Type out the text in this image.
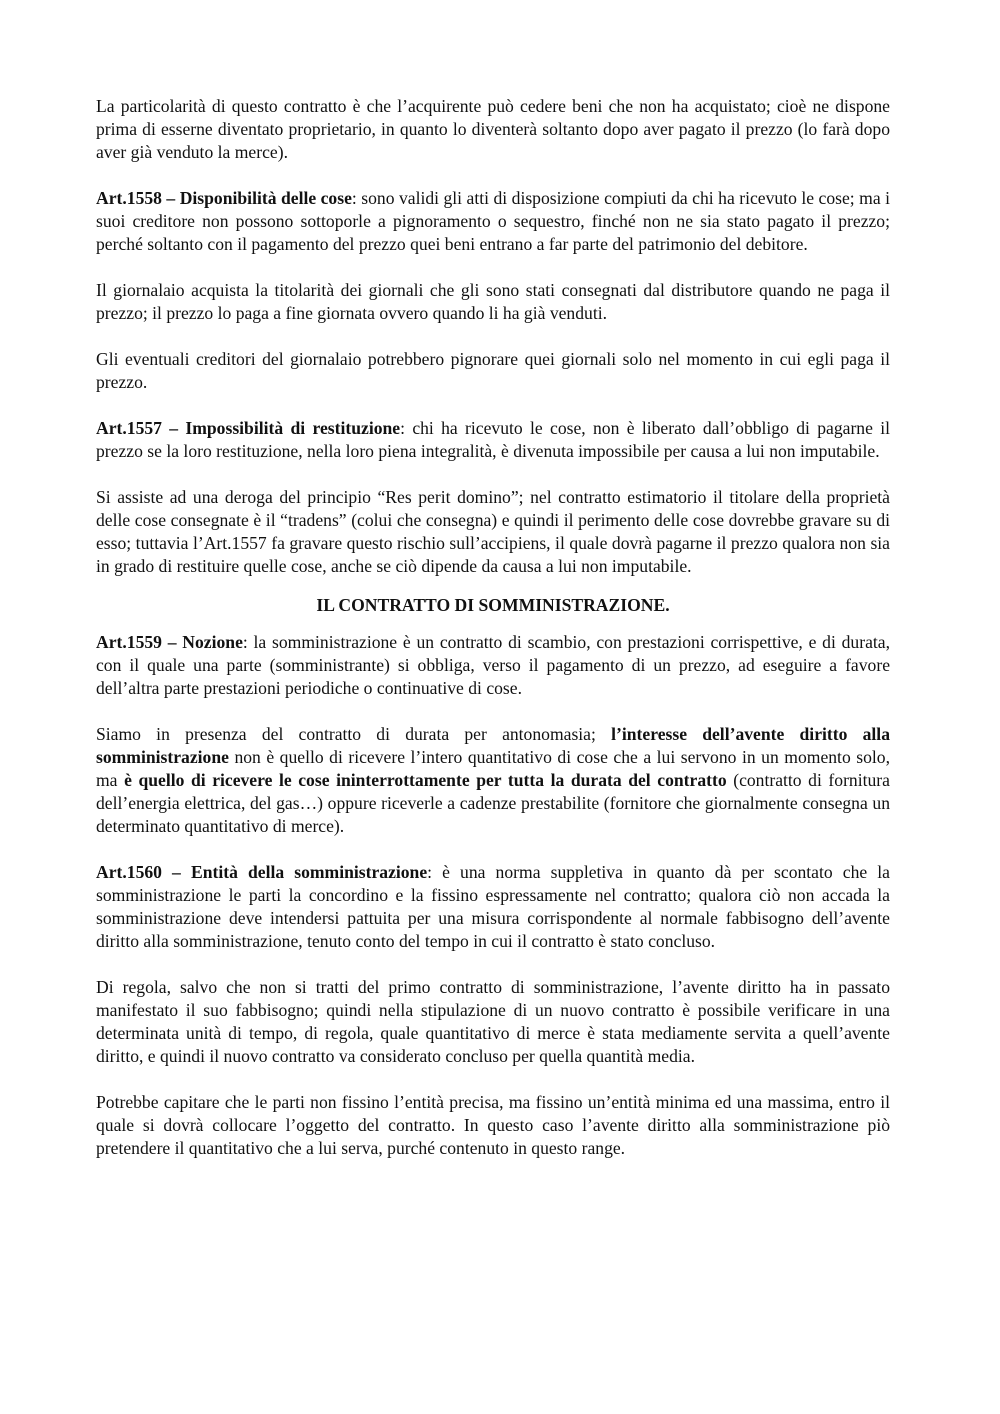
La particolarità di questo contratto è che l’acquirente può cedere beni che non ha acquistato; cioè ne dispone prima di esserne diventato proprietario, in quanto lo diventerà soltanto dopo aver pagato il prezzo (lo farà dopo aver già venduto la merce).

Art.1558 – Disponibilità delle cose: sono validi gli atti di disposizione compiuti da chi ha ricevuto le cose; ma i suoi creditore non possono sottoporle a pignoramento o sequestro, finché non ne sia stato pagato il prezzo; perché soltanto con il pagamento del prezzo quei beni entrano a far parte del patrimonio del debitore.

Il giornalaio acquista la titolarità dei giornali che gli sono stati consegnati dal distributore quando ne paga il prezzo; il prezzo lo paga a fine giornata ovvero quando li ha già venduti.

Gli eventuali creditori del giornalaio potrebbero pignorare quei giornali solo nel momento in cui egli paga il prezzo.

Art.1557 – Impossibilità di restituzione: chi ha ricevuto le cose, non è liberato dall’obbligo di pagarne il prezzo se la loro restituzione, nella loro piena integralità, è divenuta impossibile per causa a lui non imputabile.

Si assiste ad una deroga del principio “Res perit domino”; nel contratto estimatorio il titolare della proprietà delle cose consegnate è il “tradens” (colui che consegna) e quindi il perimento delle cose dovrebbe gravare su di esso; tuttavia l’Art.1557 fa gravare questo rischio sull’accipiens, il quale dovrà pagarne il prezzo qualora non sia in grado di restituire quelle cose, anche se ciò dipende da causa a lui non imputabile.

IL CONTRATTO DI SOMMINISTRAZIONE.

Art.1559 – Nozione: la somministrazione è un contratto di scambio, con prestazioni corrispettive, e di durata, con il quale una parte (somministrante) si obbliga, verso il pagamento di un prezzo, ad eseguire a favore dell’altra parte prestazioni periodiche o continuative di cose.

Siamo in presenza del contratto di durata per antonomasia; l’interesse dell’avente diritto alla somministrazione non è quello di ricevere l’intero quantitativo di cose che a lui servono in un momento solo, ma è quello di ricevere le cose ininterrottamente per tutta la durata del contratto (contratto di fornitura dell’energia elettrica, del gas…) oppure riceverle a cadenze prestabilite (fornitore che giornalmente consegna un determinato quantitativo di merce).

Art.1560 – Entità della somministrazione: è una norma suppletiva in quanto dà per scontato che la somministrazione le parti la concordino e la fissino espressamente nel contratto; qualora ciò non accada la somministrazione deve intendersi pattuita per una misura corrispondente al normale fabbisogno dell’avente diritto alla somministrazione, tenuto conto del tempo in cui il contratto è stato concluso.

Di regola, salvo che non si tratti del primo contratto di somministrazione, l’avente diritto ha in passato manifestato il suo fabbisogno; quindi nella stipulazione di un nuovo contratto è possibile verificare in una determinata unità di tempo, di regola, quale quantitativo di merce è stata mediamente servita a quell’avente diritto, e quindi il nuovo contratto va considerato concluso per quella quantità media.

Potrebbe capitare che le parti non fissino l’entità precisa, ma fissino un’entità minima ed una massima, entro il quale si dovrà collocare l’oggetto del contratto. In questo caso l’avente diritto alla somministrazione piò pretendere il quantitativo che a lui serva, purché contenuto in questo range.
